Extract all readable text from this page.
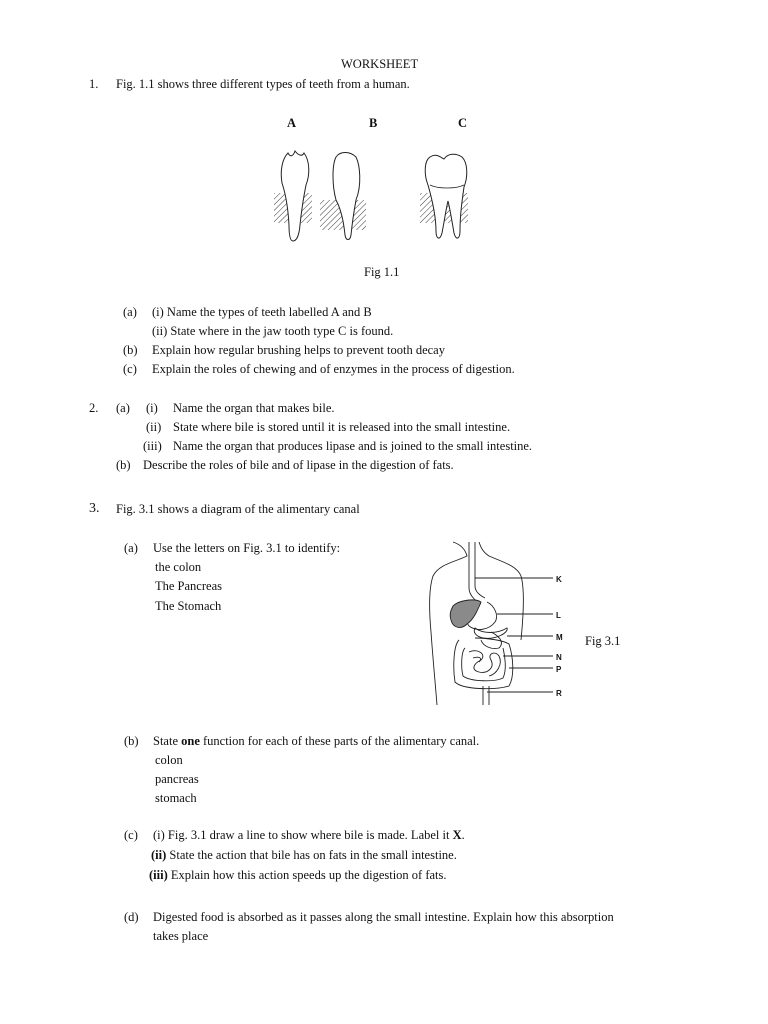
WORKSHEET
1. Fig. 1.1 shows three different types of teeth from a human.
A	B	C
Fig 1.1
(a) (i) Name the types of teeth labelled A and B
(ii) State where in the jaw tooth type C is found.
(b) Explain how regular brushing helps to prevent tooth decay
(c) Explain the roles of chewing and of enzymes in the process of digestion.
2. (a) (i) Name the organ that makes bile.
(ii) State where bile is stored until it is released into the small intestine.
(iii) Name the organ that produces lipase and is joined to the small intestine.
(b) Describe the roles of bile and of lipase in the digestion of fats.
3. Fig. 3.1 shows a diagram of the alimentary canal
(a) Use the letters on Fig. 3.1 to identify:
the colon
The Pancreas
The Stomach
K
L
M
N
P
R
Fig 3.1
(b) State one function for each of these parts of the alimentary canal.
colon
pancreas
stomach
(c) (i) Fig. 3.1 draw a line to show where bile is made. Label it X.
(ii) State the action that bile has on fats in the small intestine.
(iii) Explain how this action speeds up the digestion of fats.
(d) Digested food is absorbed as it passes along the small intestine. Explain how this absorption
takes place
